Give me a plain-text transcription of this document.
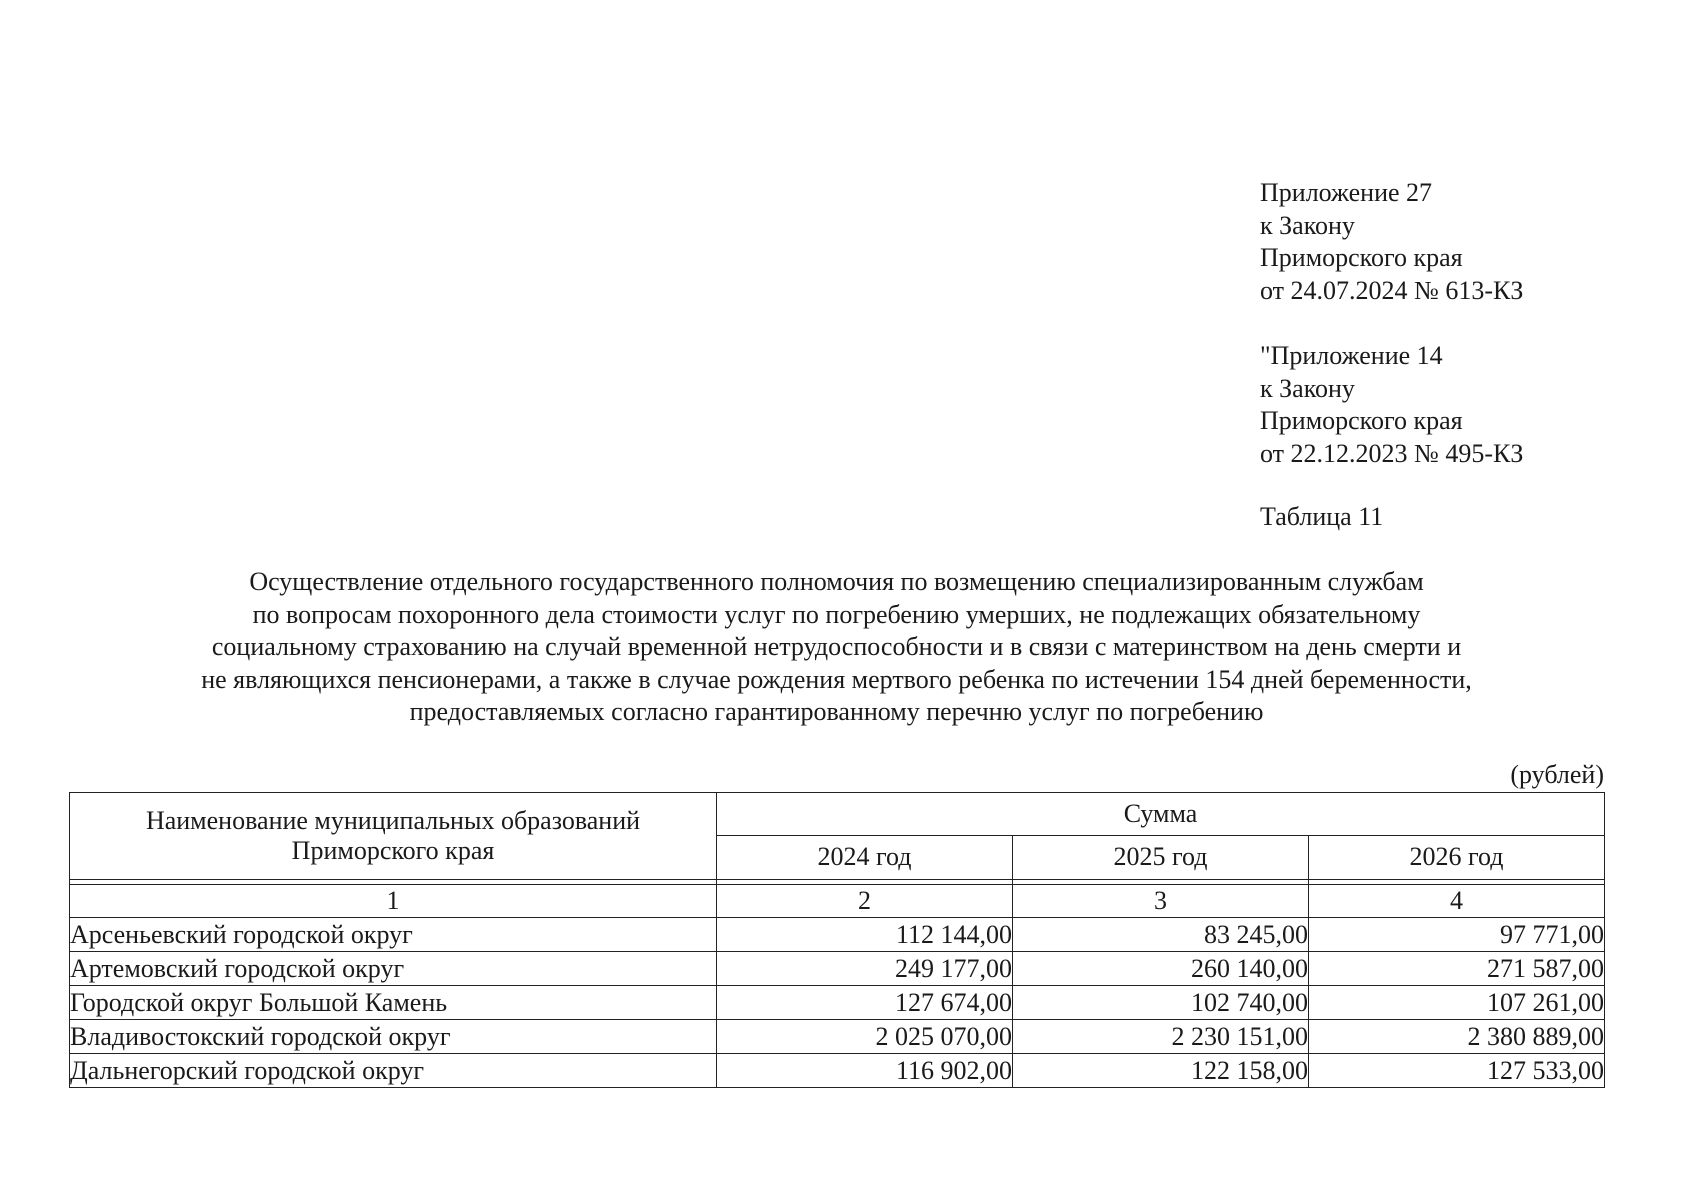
Приложение 27
к Закону
Приморского края
от 24.07.2024 № 613-КЗ
"Приложение 14
к Закону
Приморского края
от 22.12.2023 № 495-КЗ
Таблица 11
Осуществление отдельного государственного полномочия по возмещению специализированным службам
по вопросам похоронного дела стоимости услуг по погребению умерших, не подлежащих обязательному
социальному страхованию на случай временной нетрудоспособности и в связи с материнством на день смерти и
не являющихся пенсионерами, а также в случае рождения мертвого ребенка по истечении 154 дней беременности,
предоставляемых согласно гарантированному перечню услуг по погребению
(рублей)
Наименование муниципальных образований
Приморского края	Сумма		
	2024 год	2025 год	2026 год

1	2	3	4
Арсеньевский городской округ	112 144,00	83 245,00	97 771,00
Артемовский городской округ	249 177,00	260 140,00	271 587,00
Городской округ Большой Камень	127 674,00	102 740,00	107 261,00
Владивостокский городской округ	2 025 070,00	2 230 151,00	2 380 889,00
Дальнегорский городской округ	116 902,00	122 158,00	127 533,00
